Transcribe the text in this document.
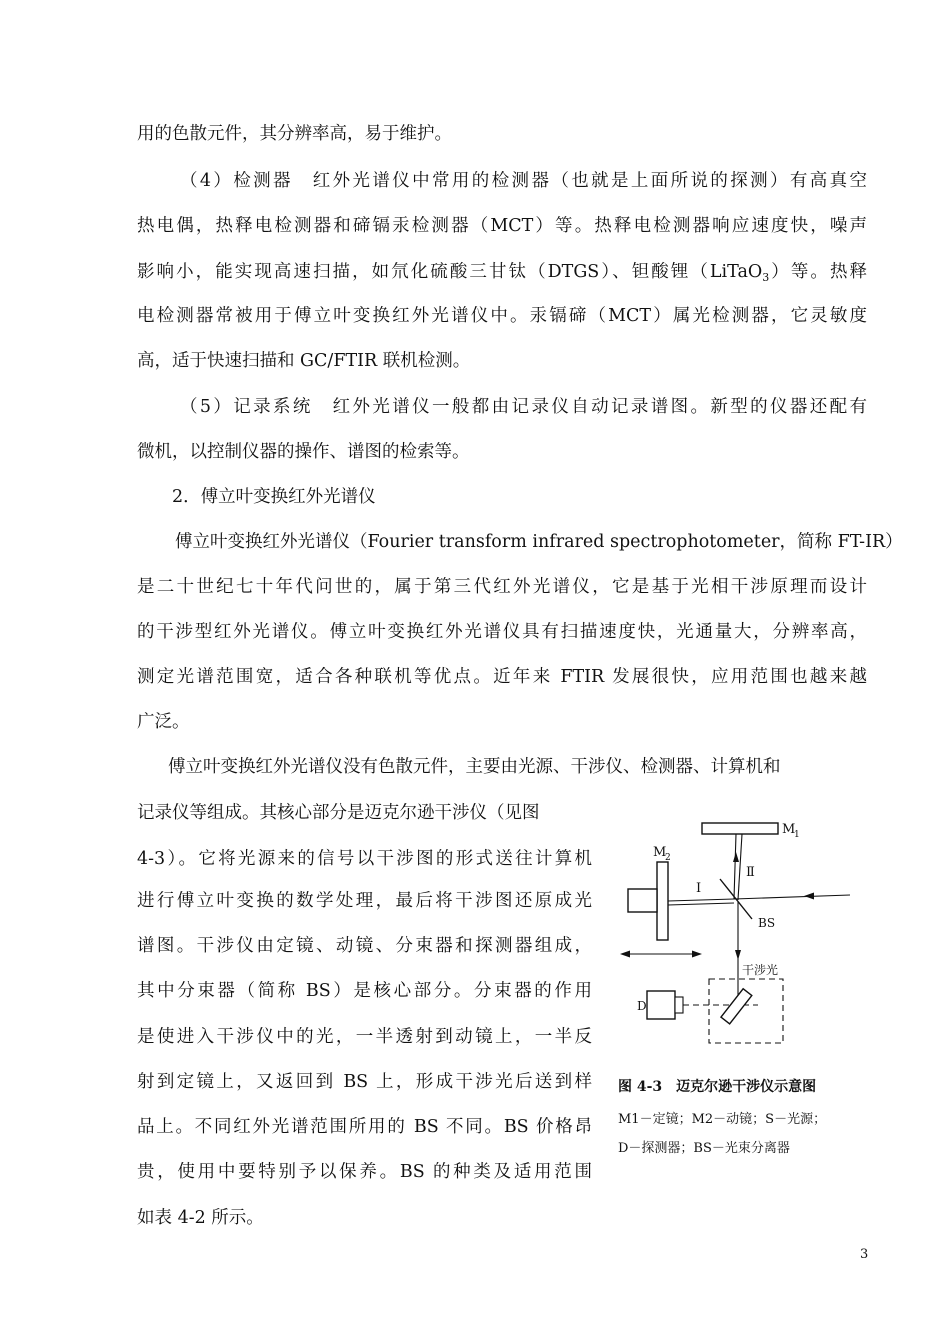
用的色散元件，其分辨率高，易于维护。
（4）检测器　红外光谱仪中常用的检测器（也就是上面所说的探测）有高真空
热电偶，热释电检测器和碲镉汞检测器（MCT）等。热释电检测器响应速度快，噪声
影响小，能实现高速扫描，如氘化硫酸三甘钛（DTGS）、钽酸锂（LiTaO$_3$）等。热释
电检测器常被用于傅立叶变换红外光谱仪中。汞镉碲（MCT）属光检测器，它灵敏度
高，适于快速扫描和 GC/FTIR 联机检测。
（5）记录系统　红外光谱仪一般都由记录仪自动记录谱图。新型的仪器还配有
微机，以控制仪器的操作、谱图的检索等。
2．傅立叶变换红外光谱仪
傅立叶变换红外光谱仪（Fourier transform infrared spectrophotometer，简称 FT-IR）
是二十世纪七十年代问世的，属于第三代红外光谱仪，它是基于光相干涉原理而设计
的干涉型红外光谱仪。傅立叶变换红外光谱仪具有扫描速度快，光通量大，分辨率高，
测定光谱范围宽，适合各种联机等优点。近年来 FTIR 发展很快，应用范围也越来越
广泛。
傅立叶变换红外光谱仪没有色散元件，主要由光源、干涉仪、检测器、计算机和
记录仪等组成。其核心部分是迈克尔逊干涉仪（见图
4-3）。它将光源来的信号以干涉图的形式送往计算机
进行傅立叶变换的数学处理，最后将干涉图还原成光
谱图。干涉仪由定镜、动镜、分束器和探测器组成，
其中分束器（简称 BS）是核心部分。分束器的作用
是使进入干涉仪中的光，一半透射到动镜上，一半反
射到定镜上，又返回到 BS 上，形成干涉光后送到样
品上。不同红外光谱范围所用的 BS 不同。BS 价格昂
贵，使用中要特别予以保养。BS 的种类及适用范围
如表 4-2 所示。
M
1
M
2
I
Ⅱ
BS
干涉光
D
图 4-3　迈克尔逊干涉仪示意图
M1－定镜；M2－动镜；S－光源；
D－探测器；BS－光束分离器
3
